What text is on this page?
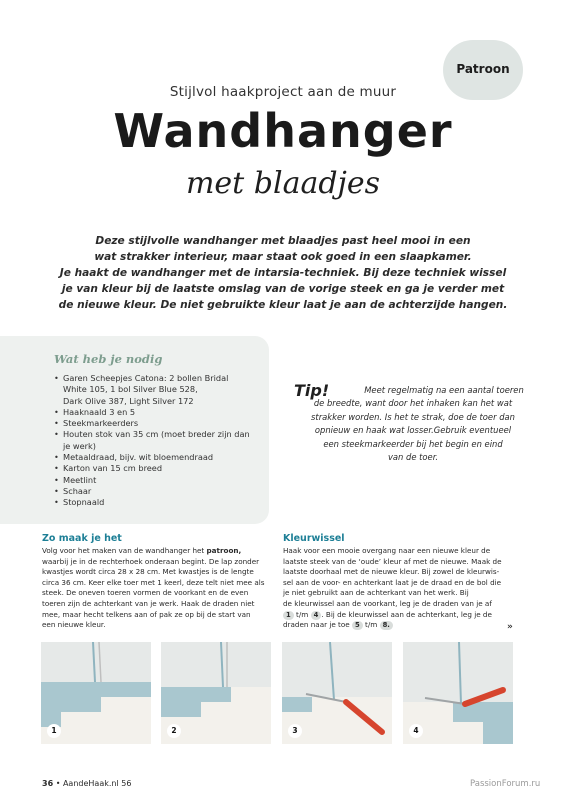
Patroon
Stijlvol haakproject aan de muur
Wandhanger
met blaadjes
Deze stijlvolle wandhanger met blaadjes past heel mooi in een
wat strakker interieur, maar staat ook goed in een slaapkamer.
Je haakt de wandhanger met de intarsia-techniek. Bij deze techniek wissel
je van kleur bij de laatste omslag van de vorige steek en ga je verder met
de nieuwe kleur. De niet gebruikte kleur laat je aan de achterzijde hangen.
Wat heb je nodig
• Garen Scheepjes Catona: 2 bollen Bridal
White 105, 1 bol Silver Blue 528,
Dark Olive 387, Light Silver 172
• Haaknaald 3 en 5
• Steekmarkeerders
• Houten stok van 35 cm (moet breder zijn dan
je werk)
• Metaaldraad, bijv. wit bloemendraad
• Karton van 15 cm breed
• Meetlint
• Schaar
• Stopnaald
Tip!	Meet regelmatig na een aantal toeren
de breedte, want door het inhaken kan het wat
strakker worden. Is het te strak, doe de toer dan
opnieuw en haak wat losser.Gebruik eventueel
een steekmarkeerder bij het begin en eind
van de toer.
Zo maak je het
Volg voor het maken van de wandhanger het patroon,
waarbij je in de rechterhoek onderaan begint. De lap zonder
kwastjes wordt circa 28 x 28 cm. Met kwastjes is de lengte
circa 36 cm. Keer elke toer met 1 keerl, deze telt niet mee als
steek. De oneven toeren vormen de voorkant en de even
toeren zijn de achterkant van je werk. Haak de draden niet
mee, maar hecht telkens aan of pak ze op bij de start van
een nieuwe kleur.
Kleurwissel
Haak voor een mooie overgang naar een nieuwe kleur de
laatste steek van de ‘oude’ kleur af met de nieuwe. Maak de
laatste doorhaal met de nieuwe kleur. Bij zowel de kleurwis-
sel aan de voor- en achterkant laat je de draad en de bol die
je niet gebruikt aan de achterkant van het werk. Bij
de kleurwissel aan de voorkant, leg je de draden van je af
1 t/m 4 . Bij de kleurwissel aan de achterkant, leg je de
draden naar je toe 5 t/m 8.	»
1	2	3	4
36 • AandeHaak.nl 56	PassionForum.ru
